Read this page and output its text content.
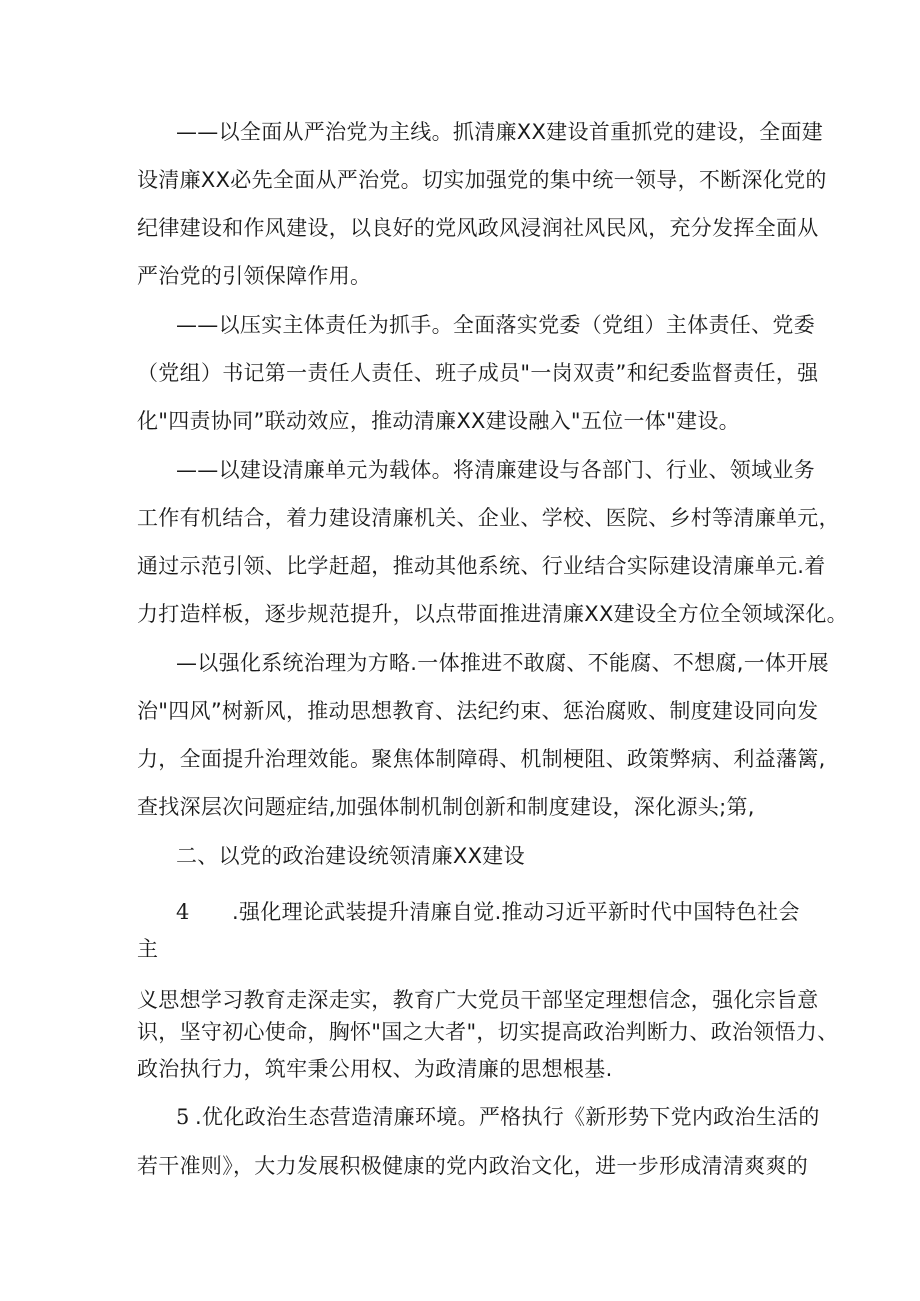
——以全面从严治党为主线。抓清廉XX建设首重抓党的建设，全面建

设清廉XX必先全面从严治党。切实加强党的集中统一领导，不断深化党的

纪律建设和作风建设，以良好的党风政风浸润社风民风，充分发挥全面从

严治党的引领保障作用。

——以压实主体责任为抓手。全面落实党委（党组）主体责任、党委

（党组）书记第一责任人责任、班子成员"一岗双责”和纪委监督责任，强

化"四责协同”联动效应，推动清廉XX建设融入"五位一体"建设。

——以建设清廉单元为载体。将清廉建设与各部门、行业、领域业务

工作有机结合，着力建设清廉机关、企业、学校、医院、乡村等清廉单元，

通过示范引领、比学赶超，推动其他系统、行业结合实际建设清廉单元.着

力打造样板，逐步规范提升，以点带面推进清廉XX建设全方位全领域深化。

—以强化系统治理为方略.一体推进不敢腐、不能腐、不想腐,一体开展

治"四风”树新风，推动思想教育、法纪约束、惩治腐败、制度建设同向发

力，全面提升治理效能。聚焦体制障碍、机制梗阻、政策弊病、利益藩篱,

查找深层次问题症结,加强体制机制创新和制度建设，深化源头;第,

二、以党的政治建设统领清廉XX建设

4 .强化理论武装提升清廉自觉.推动习近平新时代中国特色社会

主

义思想学习教育走深走实，教育广大党员干部坚定理想信念，强化宗旨意

识，坚守初心使命，胸怀"国之大者"，切实提高政治判断力、政治领悟力、

政治执行力，筑牢秉公用权、为政清廉的思想根基.

5 .优化政治生态营造清廉环境。严格执行《新形势下党内政治生活的

若干准则》，大力发展积极健康的党内政治文化，进一步形成清清爽爽的
